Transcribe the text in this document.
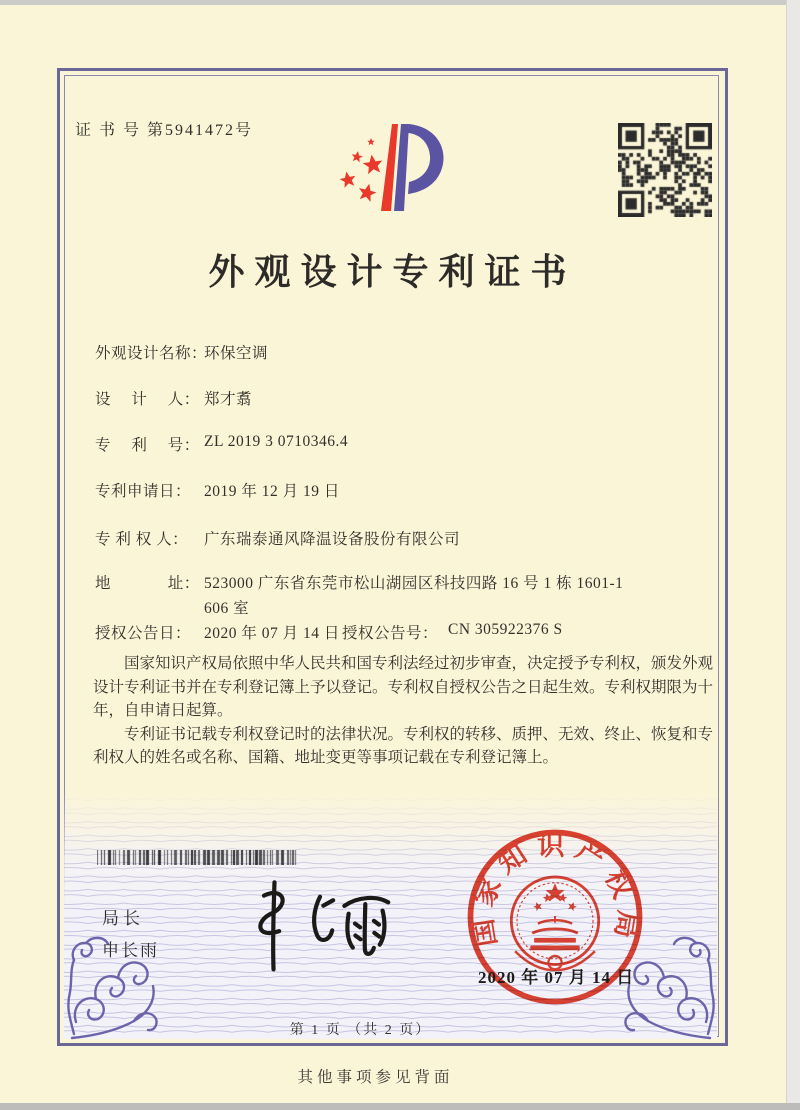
证 书 号 第5941472号
外观设计专利证书
外观设计名称：
环保空调
设　 计　 人： 郑才翥
专　 利　 号： ZL 2019 3 0710346.4
专利申请日： 2019 年 12 月 19 日
专 利 权 人： 广东瑞泰通风降温设备股份有限公司
地　 　　 址： 523000 广东省东莞市松山湖园区科技四路 16 号 1 栋 1601-1
606 室
授权公告日： 2020 年 07 月 14 日 授权公告号： CN 305922376 S

国家知识产权局依照中华人民共和国专利法经过初步审查，决定授予专利权，颁发外观设计专利证书并在专利登记簿上予以登记。专利权自授权公告之日起生效。专利权期限为十年，自申请日起算。

专利证书记载专利权登记时的法律状况。专利权的转移、质押、无效、终止、恢复和专利权人的姓名或名称、国籍、地址变更等事项记载在专利登记簿上。

局长
申长雨
国家知识产权局
2020 年 07 月 14 日
第 1 页 （共 2 页）
其他事项参见背面
